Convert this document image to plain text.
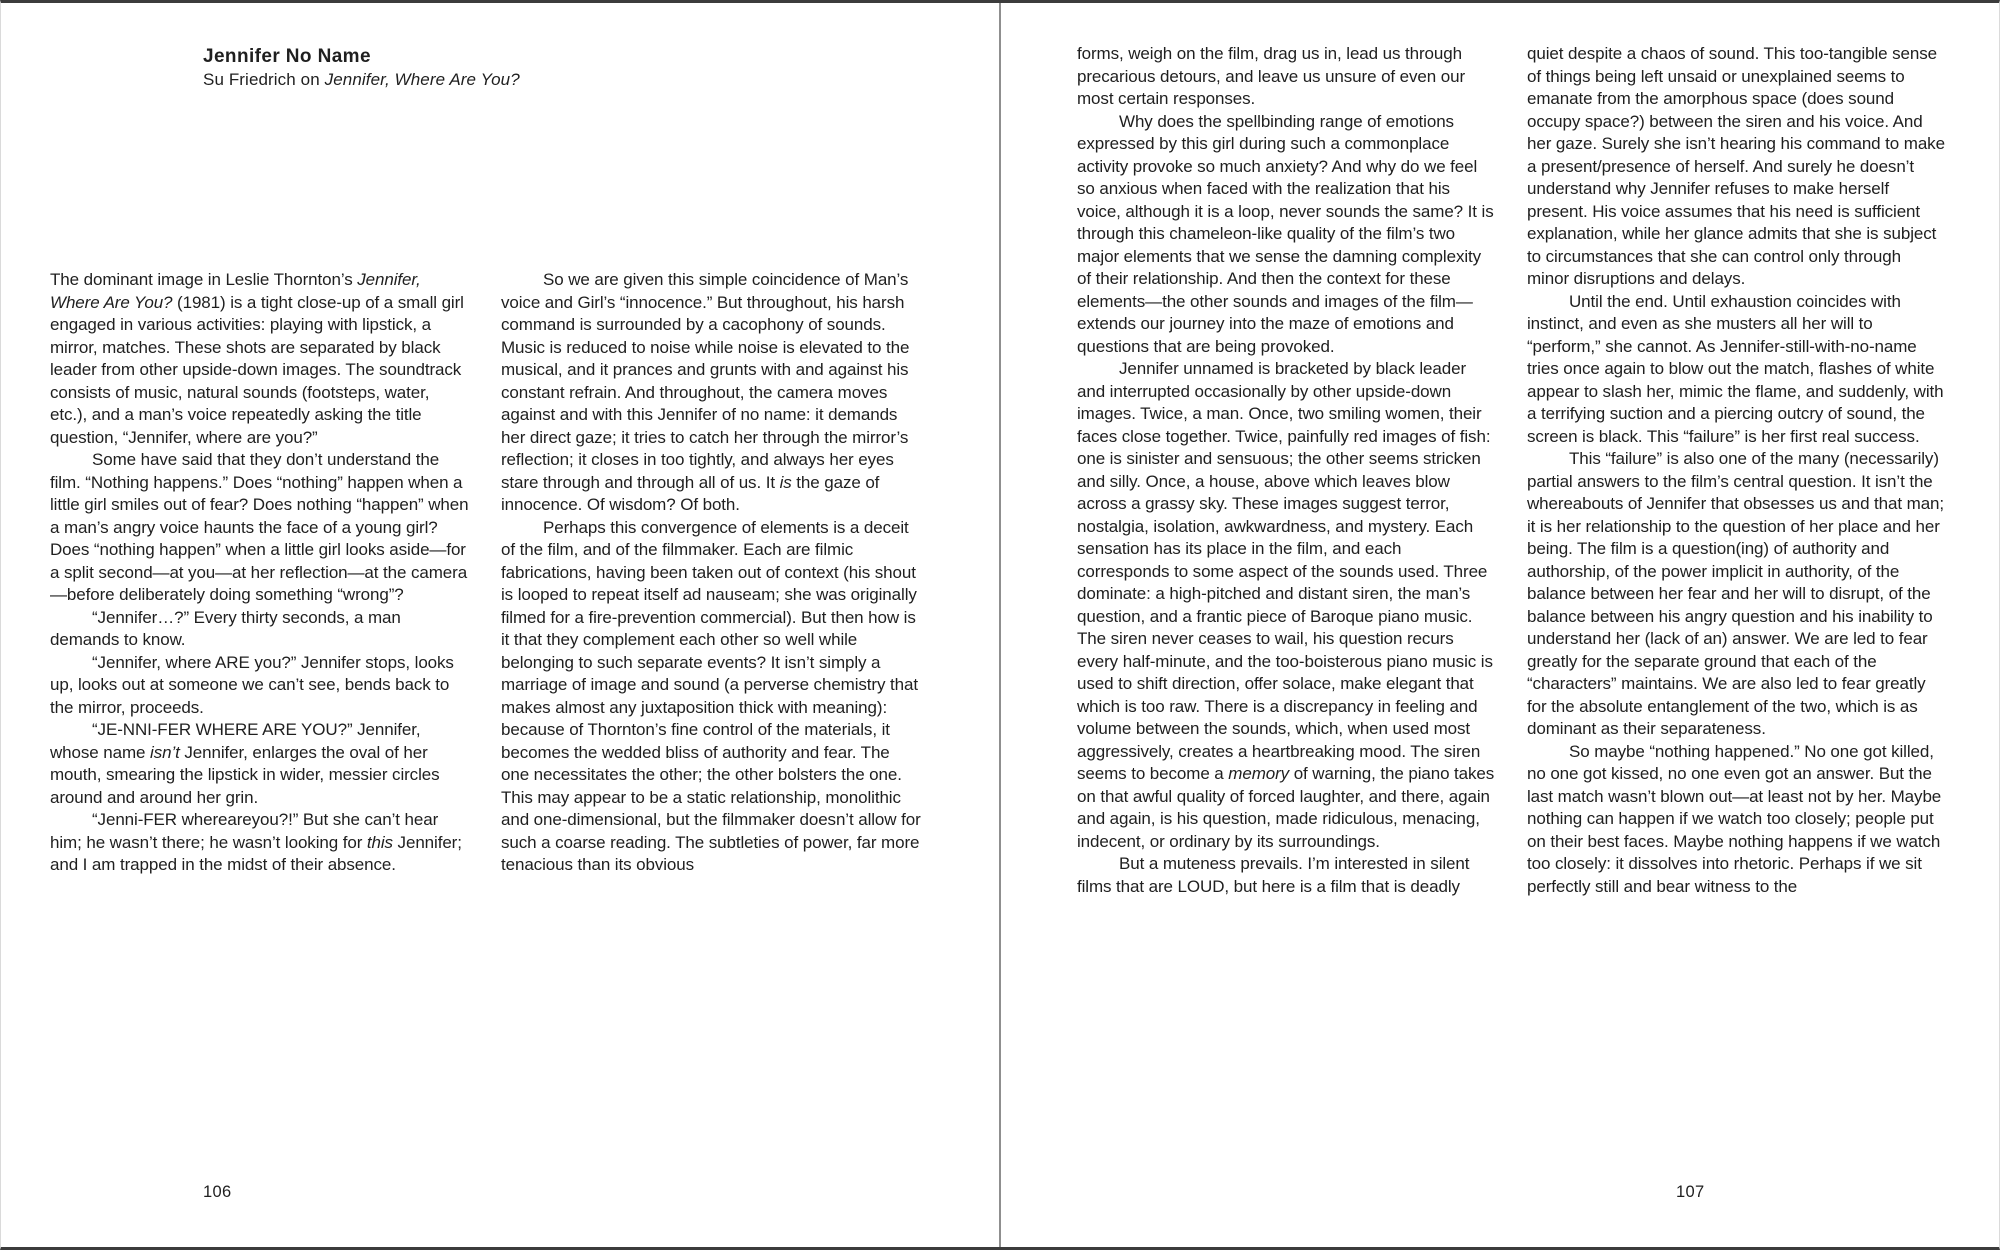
Jennifer No Name

Su Friedrich on Jennifer, Where Are You?

The dominant image in Leslie Thornton’s Jennifer, Where Are You? (1981) is a tight close-up of a small girl engaged in various activities: playing with lipstick, a mirror, matches. These shots are separated by black leader from other upside-down images. The soundtrack consists of music, natural sounds (footsteps, water, etc.), and a man’s voice repeatedly asking the title question, “Jennifer, where are you?”

Some have said that they don’t understand the film. “Nothing happens.” Does “nothing” happen when a little girl smiles out of fear? Does nothing “happen” when a man’s angry voice haunts the face of a young girl? Does “nothing happen” when a little girl looks aside—for a split second—at you—at her reflection—at the camera—before deliberately doing something “wrong”?

“Jennifer…?” Every thirty seconds, a man demands to know.

“Jennifer, where ARE you?” Jennifer stops, looks up, looks out at someone we can’t see, bends back to the mirror, proceeds.

“JE-NNI-FER WHERE ARE YOU?” Jennifer, whose name isn’t Jennifer, enlarges the oval of her mouth, smearing the lipstick in wider, messier circles around and around her grin.

“Jenni-FER whereareyou?!” But she can’t hear him; he wasn’t there; he wasn’t looking for this Jennifer; and I am trapped in the midst of their absence.

So we are given this simple coincidence of Man’s voice and Girl’s “innocence.” But throughout, his harsh command is surrounded by a cacophony of sounds. Music is reduced to noise while noise is elevated to the musical, and it prances and grunts with and against his constant refrain. And throughout, the camera moves against and with this Jennifer of no name: it demands her direct gaze; it tries to catch her through the mirror’s reflection; it closes in too tightly, and always her eyes stare through and through all of us. It is the gaze of innocence. Of wisdom? Of both.

Perhaps this convergence of elements is a deceit of the film, and of the filmmaker. Each are filmic fabrications, having been taken out of context (his shout is looped to repeat itself ad nauseam; she was originally filmed for a fire-prevention commercial). But then how is it that they complement each other so well while belonging to such separate events? It isn’t simply a marriage of image and sound (a perverse chemistry that makes almost any juxtaposition thick with meaning): because of Thornton’s fine control of the materials, it becomes the wedded bliss of authority and fear. The one necessitates the other; the other bolsters the one. This may appear to be a static relationship, monolithic and one-dimensional, but the filmmaker doesn’t allow for such a coarse reading. The subtleties of power, far more tenacious than its obvious

106

forms, weigh on the film, drag us in, lead us through precarious detours, and leave us unsure of even our most certain responses.

Why does the spellbinding range of emotions expressed by this girl during such a commonplace activity provoke so much anxiety? And why do we feel so anxious when faced with the realization that his voice, although it is a loop, never sounds the same? It is through this chameleon-like quality of the film’s two major elements that we sense the damning complexity of their relationship. And then the context for these elements—the other sounds and images of the film—extends our journey into the maze of emotions and questions that are being provoked.

Jennifer unnamed is bracketed by black leader and interrupted occasionally by other upside-down images. Twice, a man. Once, two smiling women, their faces close together. Twice, painfully red images of fish: one is sinister and sensuous; the other seems stricken and silly. Once, a house, above which leaves blow across a grassy sky. These images suggest terror, nostalgia, isolation, awkwardness, and mystery. Each sensation has its place in the film, and each corresponds to some aspect of the sounds used. Three dominate: a high-pitched and distant siren, the man’s question, and a frantic piece of Baroque piano music. The siren never ceases to wail, his question recurs every half-minute, and the too-boisterous piano music is used to shift direction, offer solace, make elegant that which is too raw. There is a discrepancy in feeling and volume between the sounds, which, when used most aggressively, creates a heartbreaking mood. The siren seems to become a memory of warning, the piano takes on that awful quality of forced laughter, and there, again and again, is his question, made ridiculous, menacing, indecent, or ordinary by its surroundings.

But a muteness prevails. I’m interested in silent films that are LOUD, but here is a film that is deadly

quiet despite a chaos of sound. This too-tangible sense of things being left unsaid or unexplained seems to emanate from the amorphous space (does sound occupy space?) between the siren and his voice. And her gaze. Surely she isn’t hearing his command to make a present/presence of herself. And surely he doesn’t understand why Jennifer refuses to make herself present. His voice assumes that his need is sufficient explanation, while her glance admits that she is subject to circumstances that she can control only through minor disruptions and delays.

Until the end. Until exhaustion coincides with instinct, and even as she musters all her will to “perform,” she cannot. As Jennifer-still-with-no-name tries once again to blow out the match, flashes of white appear to slash her, mimic the flame, and suddenly, with a terrifying suction and a piercing outcry of sound, the screen is black. This “failure” is her first real success.

This “failure” is also one of the many (necessarily) partial answers to the film’s central question. It isn’t the whereabouts of Jennifer that obsesses us and that man; it is her relationship to the question of her place and her being. The film is a question(ing) of authority and authorship, of the power implicit in authority, of the balance between her fear and her will to disrupt, of the balance between his angry question and his inability to understand her (lack of an) answer. We are led to fear greatly for the separate ground that each of the “characters” maintains. We are also led to fear greatly for the absolute entanglement of the two, which is as dominant as their separateness.

So maybe “nothing happened.” No one got killed, no one got kissed, no one even got an answer. But the last match wasn’t blown out—at least not by her. Maybe nothing can happen if we watch too closely; people put on their best faces. Maybe nothing happens if we watch too closely: it dissolves into rhetoric. Perhaps if we sit perfectly still and bear witness to the

107
